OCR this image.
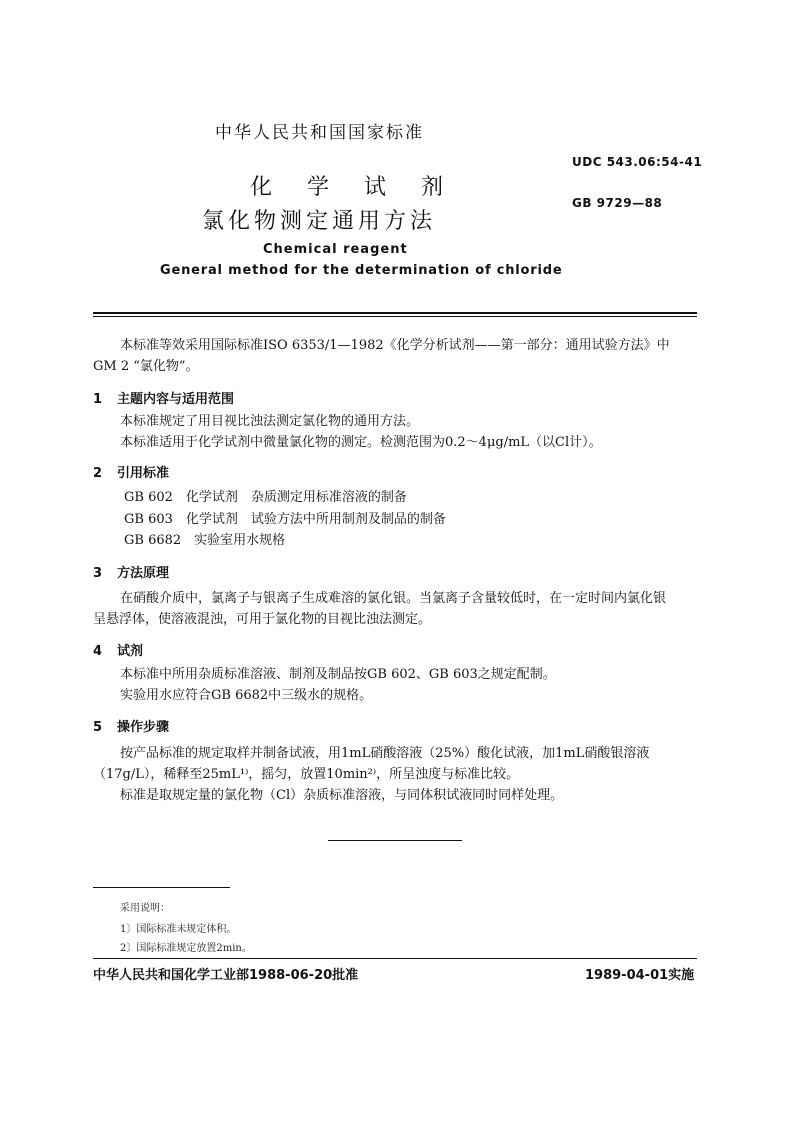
中华人民共和国国家标准
UDC 543.06:54-41
GB 9729—88
化 学 试 剂
氯化物测定通用方法
Chemical reagent
General method for the determination of chloride
本标准等效采用国际标准ISO 6353/1—1982《化学分析试剂——第一部分：通用试验方法》中
GM 2 “氯化物”。
1 主题内容与适用范围
本标准规定了用目视比浊法测定氯化物的通用方法。
本标准适用于化学试剂中微量氯化物的测定。检测范围为0.2～4μg/mL（以Cl计）。
2 引用标准
GB 602　化学试剂　杂质测定用标准溶液的制备
GB 603　化学试剂　试验方法中所用制剂及制品的制备
GB 6682　实验室用水规格
3 方法原理
在硝酸介质中，氯离子与银离子生成难溶的氯化银。当氯离子含量较低时，在一定时间内氯化银
呈悬浮体，使溶液混浊，可用于氯化物的目视比浊法测定。
4 试剂
本标准中所用杂质标准溶液、制剂及制品按GB 602、GB 603之规定配制。
实验用水应符合GB 6682中三级水的规格。
5 操作步骤
按产品标准的规定取样并制备试液，用1mL硝酸溶液（25%）酸化试液，加1mL硝酸银溶液
（17g/L），稀释至25mL¹⁾，摇匀，放置10min²⁾，所呈浊度与标准比较。
标准是取规定量的氯化物（Cl）杂质标准溶液，与同体积试液同时同样处理。
采用说明：
1〕国际标准未规定体积。
2〕国际标准规定放置2min。
中华人民共和国化学工业部1988-06-20批准	1989-04-01实施
